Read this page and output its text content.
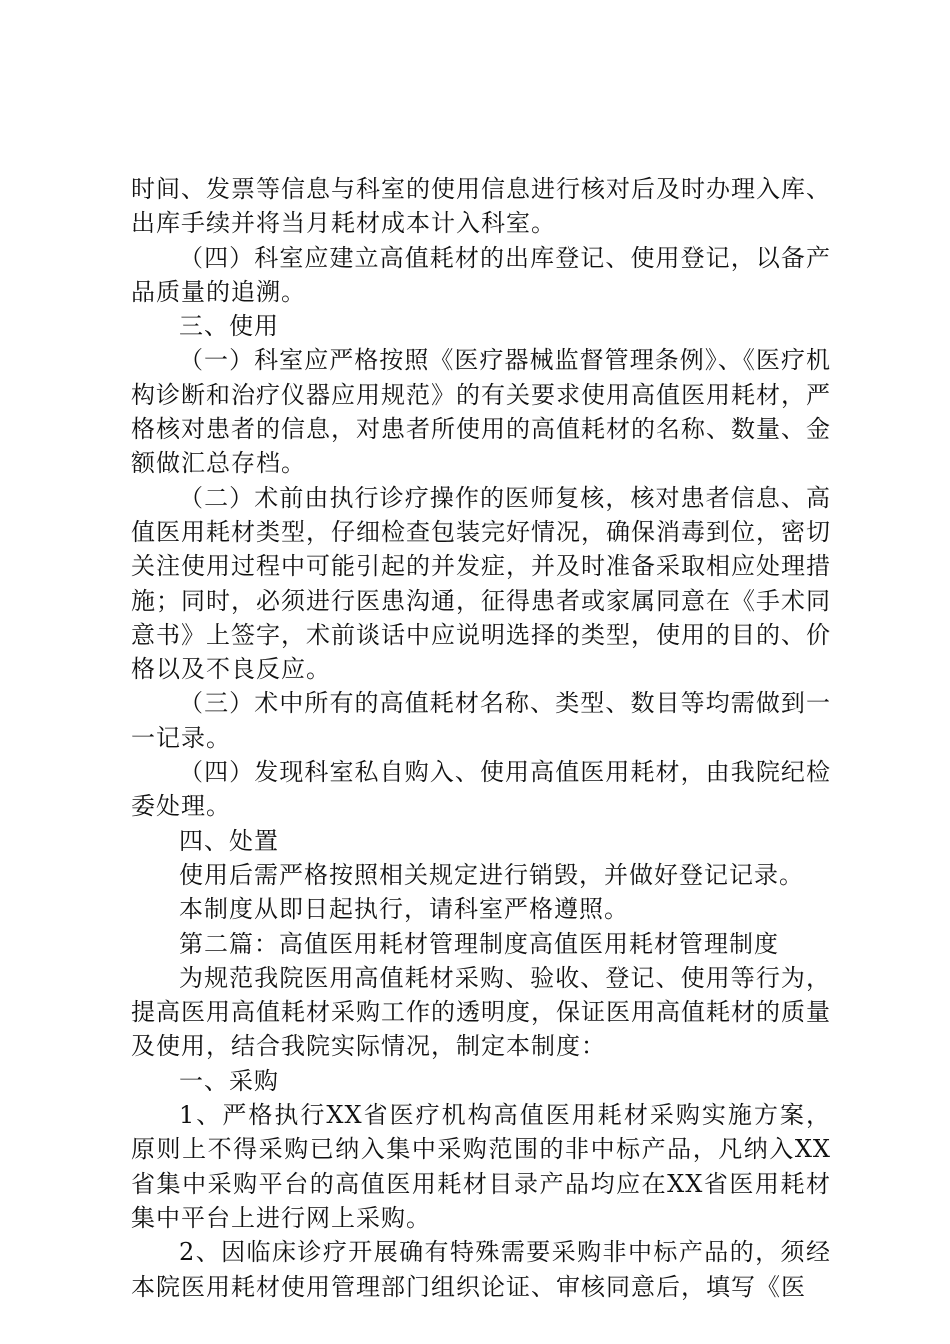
时间、发票等信息与科室的使用信息进行核对后及时办理入库、出库手续并将当月耗材成本计入科室。

（四）科室应建立高值耗材的出库登记、使用登记，以备产品质量的追溯。

三、使用

（一）科室应严格按照《医疗器械监督管理条例》、《医疗机构诊断和治疗仪器应用规范》的有关要求使用高值医用耗材，严格核对患者的信息，对患者所使用的高值耗材的名称、数量、金额做汇总存档。

（二）术前由执行诊疗操作的医师复核，核对患者信息、高值医用耗材类型，仔细检查包装完好情况，确保消毒到位，密切关注使用过程中可能引起的并发症，并及时准备采取相应处理措施；同时，必须进行医患沟通，征得患者或家属同意在《手术同意书》上签字，术前谈话中应说明选择的类型，使用的目的、价格以及不良反应。

（三）术中所有的高值耗材名称、类型、数目等均需做到一一记录。

（四）发现科室私自购入、使用高值医用耗材，由我院纪检委处理。

四、处置

使用后需严格按照相关规定进行销毁，并做好登记记录。

本制度从即日起执行，请科室严格遵照。

第二篇：高值医用耗材管理制度高值医用耗材管理制度

为规范我院医用高值耗材采购、验收、登记、使用等行为，提高医用高值耗材采购工作的透明度，保证医用高值耗材的质量及使用，结合我院实际情况，制定本制度：

一、采购

1、严格执行XX省医疗机构高值医用耗材采购实施方案，原则上不得采购已纳入集中采购范围的非中标产品，凡纳入XX省集中采购平台的高值医用耗材目录产品均应在XX省医用耗材集中平台上进行网上采购。

2、因临床诊疗开展确有特殊需要采购非中标产品的，须经本院医用耗材使用管理部门组织论证、审核同意后，填写《医
